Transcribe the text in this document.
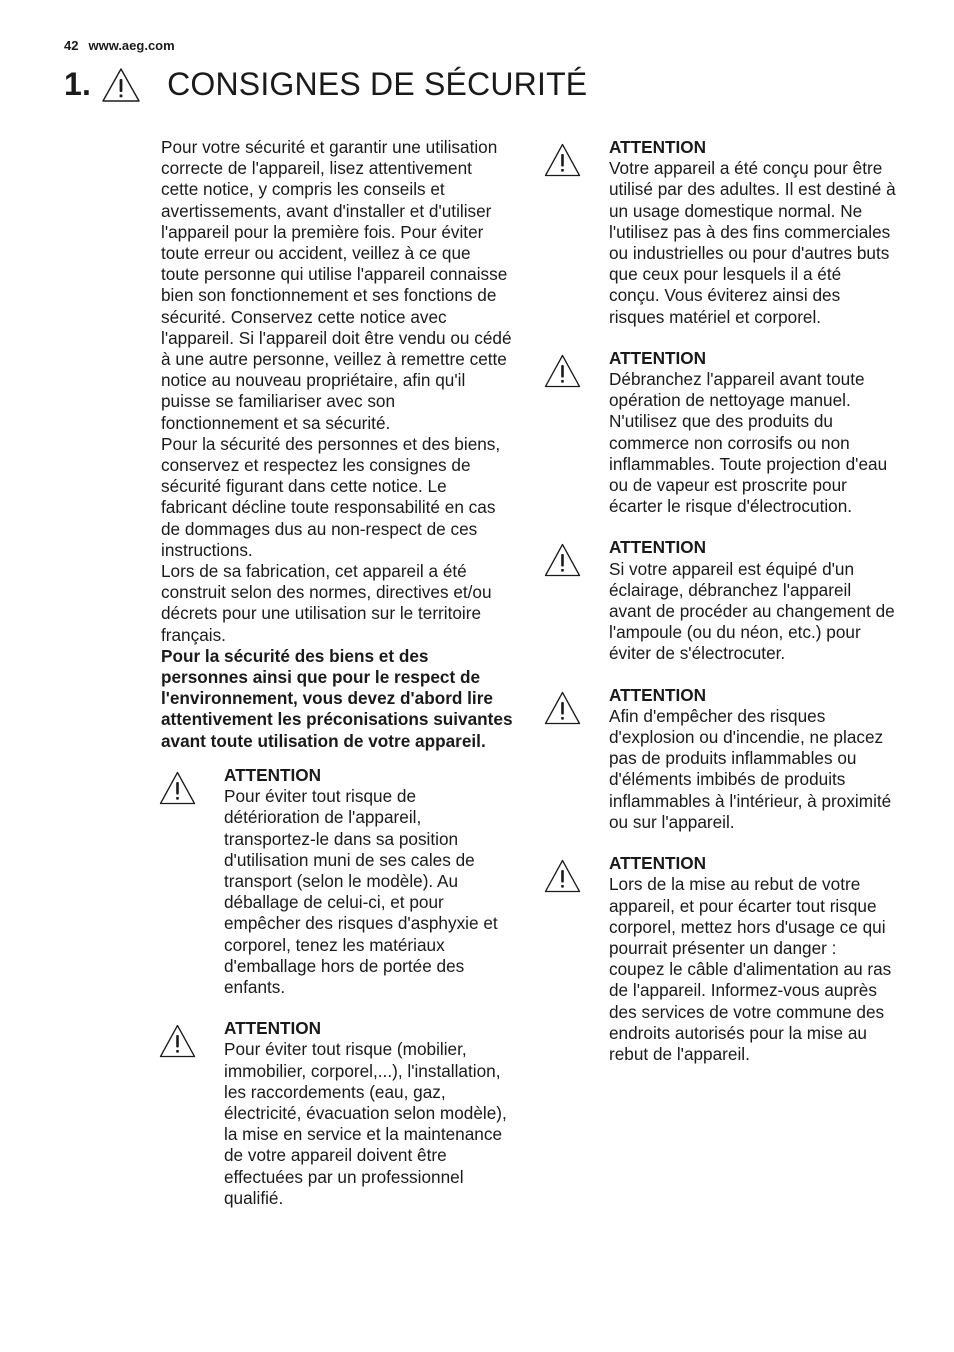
42 www.aeg.com
1. CONSIGNES DE SÉCURITÉ

Pour votre sécurité et garantir une utilisation correcte de l'appareil, lisez attentivement cette notice, y compris les conseils et avertissements, avant d'installer et d'utiliser l'appareil pour la première fois. Pour éviter toute erreur ou accident, veillez à ce que toute personne qui utilise l'appareil connaisse bien son fonctionnement et ses fonctions de sécurité. Conservez cette notice avec l'appareil. Si l'appareil doit être vendu ou cédé à une autre personne, veillez à remettre cette notice au nouveau propriétaire, afin qu'il puisse se familiariser avec son fonctionnement et sa sécurité.

Pour la sécurité des personnes et des biens, conservez et respectez les consignes de sécurité figurant dans cette notice. Le fabricant décline toute responsabilité en cas de dommages dus au non-respect de ces instructions.

Lors de sa fabrication, cet appareil a été construit selon des normes, directives et/ou décrets pour une utilisation sur le territoire français.

Pour la sécurité des biens et des personnes ainsi que pour le respect de l'environnement, vous devez d'abord lire attentivement les préconisations suivantes avant toute utilisation de votre appareil.

ATTENTION
Pour éviter tout risque de détérioration de l'appareil, transportez-le dans sa position d'utilisation muni de ses cales de transport (selon le modèle). Au déballage de celui-ci, et pour empêcher des risques d'asphyxie et corporel, tenez les matériaux d'emballage hors de portée des enfants.
ATTENTION
Pour éviter tout risque (mobilier, immobilier, corporel,...), l'installation, les raccordements (eau, gaz, électricité, évacuation selon modèle), la mise en service et la maintenance de votre appareil doivent être effectuées par un professionnel qualifié.
ATTENTION
Votre appareil a été conçu pour être utilisé par des adultes. Il est destiné à un usage domestique normal. Ne l'utilisez pas à des fins commerciales ou industrielles ou pour d'autres buts que ceux pour lesquels il a été conçu. Vous éviterez ainsi des risques matériel et corporel.
ATTENTION
Débranchez l'appareil avant toute opération de nettoyage manuel. N'utilisez que des produits du commerce non corrosifs ou non inflammables. Toute projection d'eau ou de vapeur est proscrite pour écarter le risque d'électrocution.
ATTENTION
Si votre appareil est équipé d'un éclairage, débranchez l'appareil avant de procéder au changement de l'ampoule (ou du néon, etc.) pour éviter de s'électrocuter.
ATTENTION
Afin d'empêcher des risques d'explosion ou d'incendie, ne placez pas de produits inflammables ou d'éléments imbibés de produits inflammables à l'intérieur, à proximité ou sur l'appareil.
ATTENTION
Lors de la mise au rebut de votre appareil, et pour écarter tout risque corporel, mettez hors d'usage ce qui pourrait présenter un danger : coupez le câble d'alimentation au ras de l'appareil. Informez-vous auprès des services de votre commune des endroits autorisés pour la mise au rebut de l'appareil.
